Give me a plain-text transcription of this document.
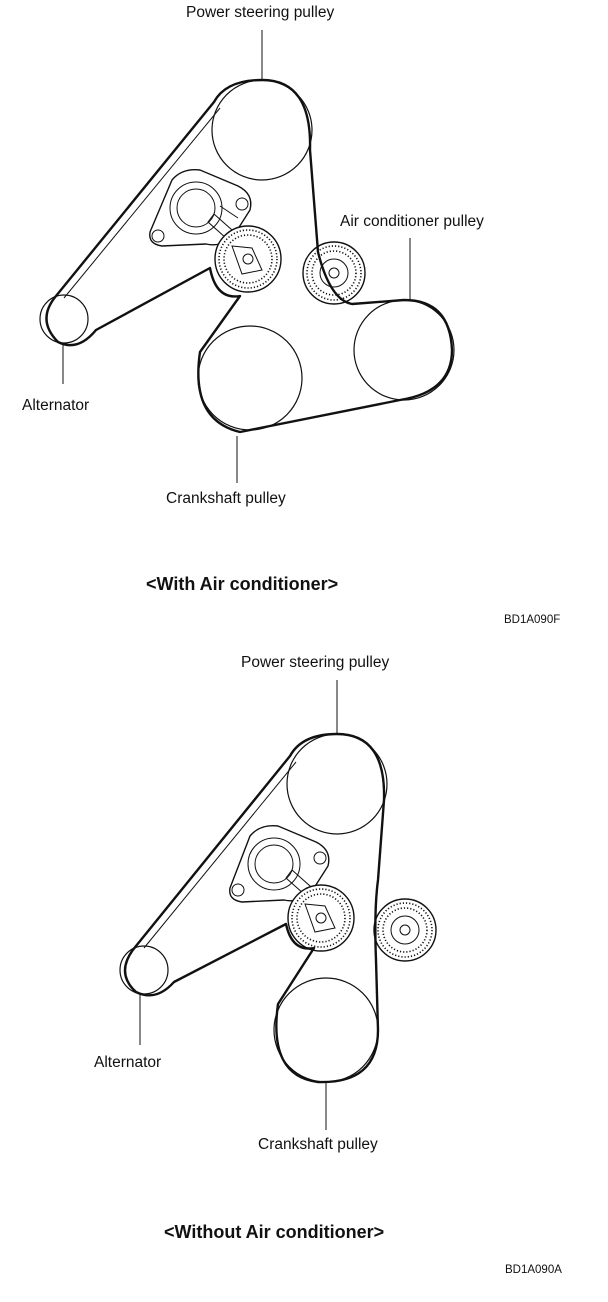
Power steering pulley
Air conditioner pulley
Alternator
Crankshaft pulley
<With Air conditioner>
BD1A090F
Power steering pulley
Alternator
Crankshaft pulley
<Without Air conditioner>
BD1A090A
